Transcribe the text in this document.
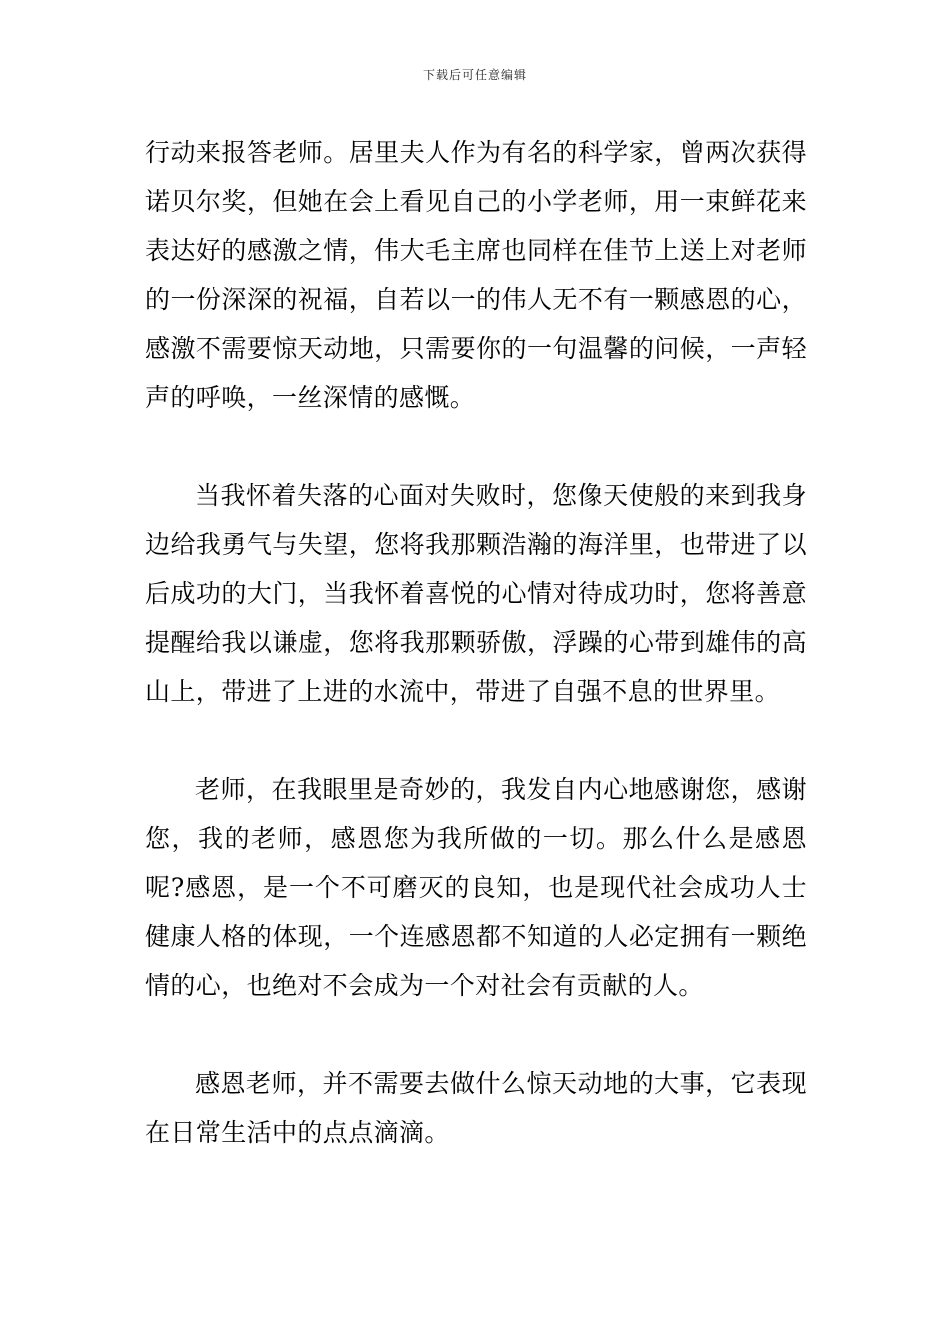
下载后可任意编辑

行动来报答老师。居里夫人作为有名的科学家，曾两次获得诺贝尔奖，但她在会上看见自己的小学老师，用一束鲜花来表达好的感激之情，伟大毛主席也同样在佳节上送上对老师的一份深深的祝福，自若以一的伟人无不有一颗感恩的心，感激不需要惊天动地，只需要你的一句温馨的问候，一声轻声的呼唤，一丝深情的感慨。

当我怀着失落的心面对失败时，您像天使般的来到我身边给我勇气与失望，您将我那颗浩瀚的海洋里，也带进了以后成功的大门，当我怀着喜悦的心情对待成功时，您将善意提醒给我以谦虚，您将我那颗骄傲，浮躁的心带到雄伟的高山上，带进了上进的水流中，带进了自强不息的世界里。

老师，在我眼里是奇妙的，我发自内心地感谢您，感谢您，我的老师，感恩您为我所做的一切。那么什么是感恩呢?感恩，是一个不可磨灭的良知，也是现代社会成功人士健康人格的体现，一个连感恩都不知道的人必定拥有一颗绝情的心，也绝对不会成为一个对社会有贡献的人。

感恩老师，并不需要去做什么惊天动地的大事，它表现在日常生活中的点点滴滴。
